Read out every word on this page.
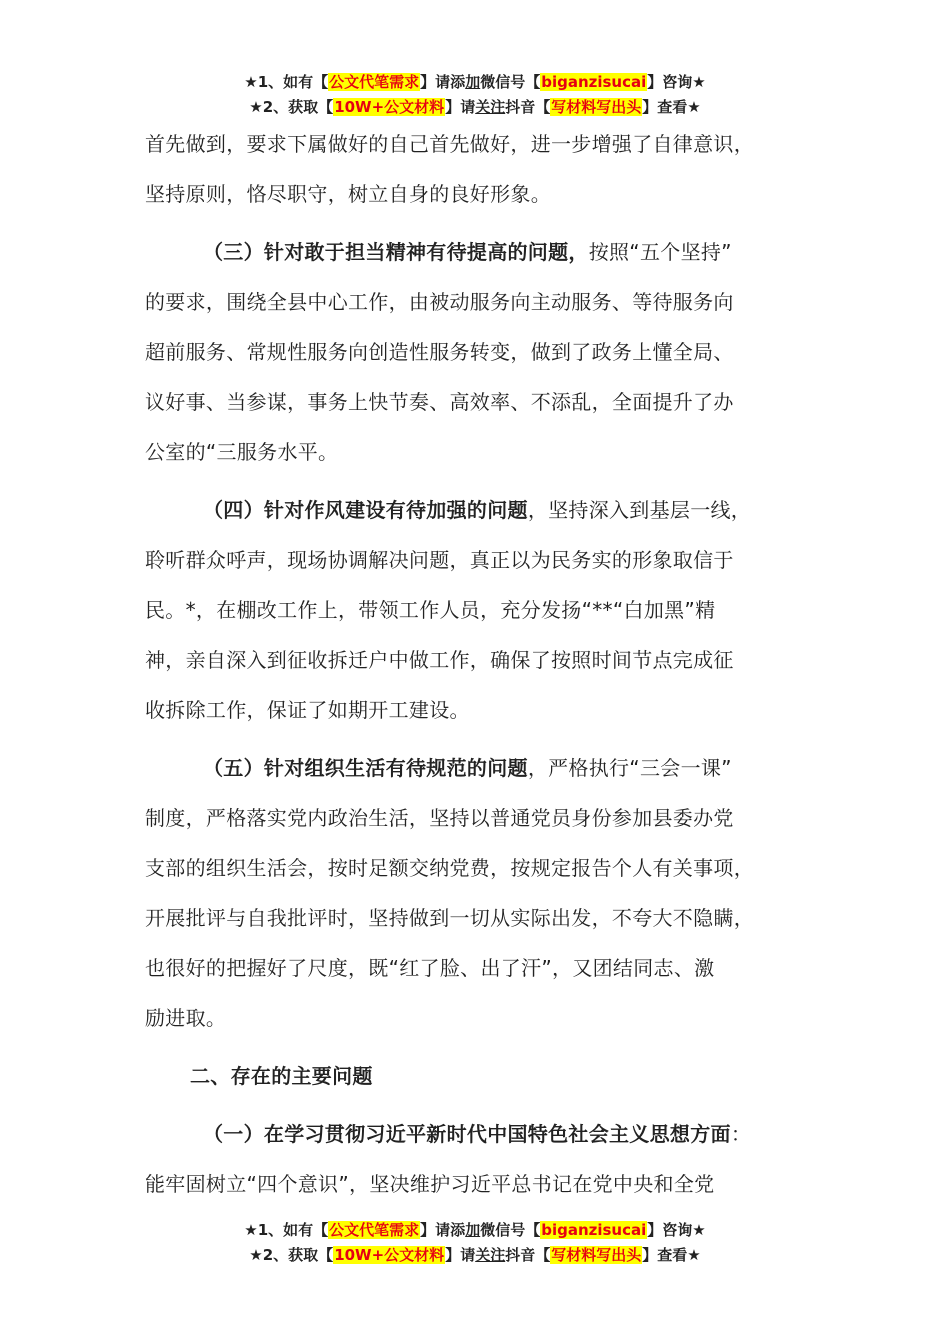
★1、如有【公文代笔需求】请添加微信号【biganzisucai】咨询★
★2、获取【10W+公文材料】请关注抖音【写材料写出头】查看★

首先做到，要求下属做好的自己首先做好，进一步增强了自律意识，
坚持原则，恪尽职守，树立自身的良好形象。

（三）针对敢于担当精神有待提高的问题，按照“五个坚持”
的要求，围绕全县中心工作，由被动服务向主动服务、等待服务向
超前服务、常规性服务向创造性服务转变，做到了政务上懂全局、
议好事、当参谋，事务上快节奏、高效率、不添乱，全面提升了办
公室的“三服务水平。

（四）针对作风建设有待加强的问题，坚持深入到基层一线，
聆听群众呼声，现场协调解决问题，真正以为民务实的形象取信于
民。*，在棚改工作上，带领工作人员，充分发扬“**“白加黑”精
神，亲自深入到征收拆迁户中做工作，确保了按照时间节点完成征
收拆除工作，保证了如期开工建设。

（五）针对组织生活有待规范的问题，严格执行“三会一课”
制度，严格落实党内政治生活，坚持以普通党员身份参加县委办党
支部的组织生活会，按时足额交纳党费，按规定报告个人有关事项，
开展批评与自我批评时，坚持做到一切从实际出发，不夸大不隐瞒，
也很好的把握好了尺度，既“红了脸、出了汗”，又团结同志、激
励进取。

二、存在的主要问题

（一）在学习贯彻习近平新时代中国特色社会主义思想方面：
能牢固树立“四个意识”，坚决维护习近平总书记在党中央和全党

★1、如有【公文代笔需求】请添加微信号【biganzisucai】咨询★
★2、获取【10W+公文材料】请关注抖音【写材料写出头】查看★
